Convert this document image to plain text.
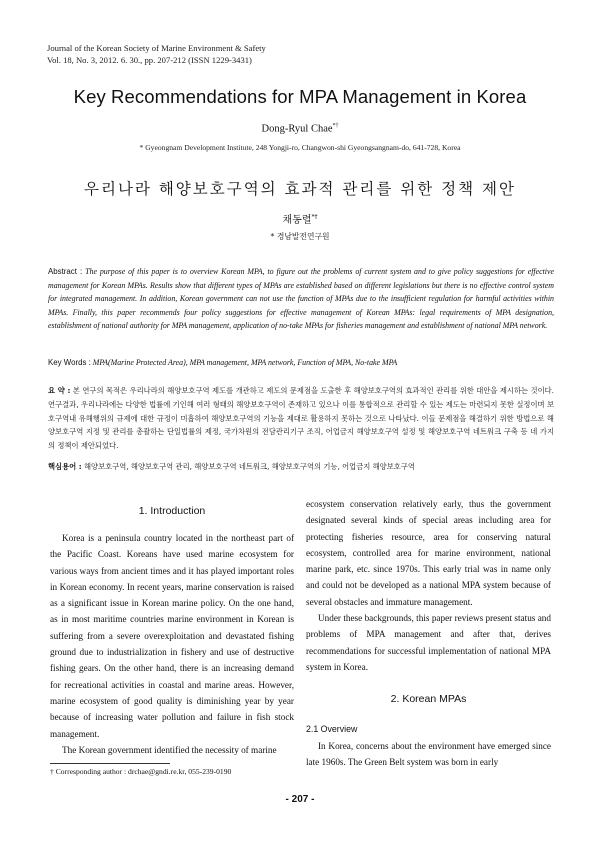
Journal of the Korean Society of Marine Environment & Safety
Vol. 18, No. 3, 2012. 6. 30., pp. 207-212 (ISSN 1229-3431)
Key Recommendations for MPA Management in Korea
Dong-Ryul Chae*†
* Gyeongnam Development Institute, 248 Yongji-ro, Changwon-shi Gyeongsangnam-do, 641-728, Korea
우리나라 해양보호구역의 효과적 관리를 위한 정책 제안
채동렬*†
* 경남발전연구원
Abstract : The purpose of this paper is to overview Korean MPA, to figure out the problems of current system and to give policy suggestions for effective management for Korean MPAs. Results show that different types of MPAs are established based on different legislations but there is no effective control system for integrated management. In addition, Korean government can not use the function of MPAs due to the insufficient regulation for harmful activities within MPAs. Finally, this paper recommends four policy suggestions for effective management of Korean MPAs: legal requirements of MPA designation, establishment of national authority for MPA management, application of no-take MPAs for fisheries management and establishment of national MPA network.
Key Words : MPA(Marine Protected Area), MPA management, MPA network, Function of MPA, No-take MPA
요 약 : 본 연구의 목적은 우리나라의 해양보호구역 제도를 개관하고 제도의 문제점을 도출한 후 해양보호구역의 효과적인 관리를 위한 대안을 제시하는 것이다. 연구결과, 우리나라에는 다양한 법률에 기인해 여러 형태의 해양보호구역이 존재하고 있으나 이를 통합적으로 관리할 수 있는 제도는 마련되지 못한 실정이며 보호구역내 유해행위의 규제에 대한 규정이 미흡하여 해양보호구역의 기능을 제대로 활용하지 못하는 것으로 나타났다. 이들 문제점을 해결하기 위한 방법으로 해양보호구역 지정 및 관리를 총괄하는 단일법률의 제정, 국가차원의 전담관리기구 조직, 어업금지 해양보호구역 설정 및 해양보호구역 네트워크 구축 등 네 가지의 정책이 제안되었다.
핵심용어 : 해양보호구역, 해양보호구역 관리, 해양보호구역 네트워크, 해양보호구역의 기능, 어업금지 해양보호구역
1. Introduction

Korea is a peninsula country located in the northeast part of the Pacific Coast. Koreans have used marine ecosystem for various ways from ancient times and it has played important roles in Korean economy. In recent years, marine conservation is raised as a significant issue in Korean marine policy. On the one hand, as in most maritime countries marine environment in Korean is suffering from a severe overexploitation and devastated fishing ground due to industrialization in fishery and use of destructive fishing gears. On the other hand, there is an increasing demand for recreational activities in coastal and marine areas. However, marine ecosystem of good quality is diminishing year by year because of increasing water pollution and failure in fish stock management.

The Korean government identified the necessity of marine

ecosystem conservation relatively early, thus the government designated several kinds of special areas including area for protecting fisheries resource, area for conserving natural ecosystem, controlled area for marine environment, national marine park, etc. since 1970s. This early trial was in name only and could not be developed as a national MPA system because of several obstacles and immature management.

Under these backgrounds, this paper reviews present status and problems of MPA management and after that, derives recommendations for successful implementation of national MPA system in Korea.

2. Korean MPAs
2.1 Overview

In Korea, concerns about the environment have emerged since late 1960s. The Green Belt system was born in early

† Corresponding author : drchae@gndi.re.kr, 055-239-0190
- 207 -
